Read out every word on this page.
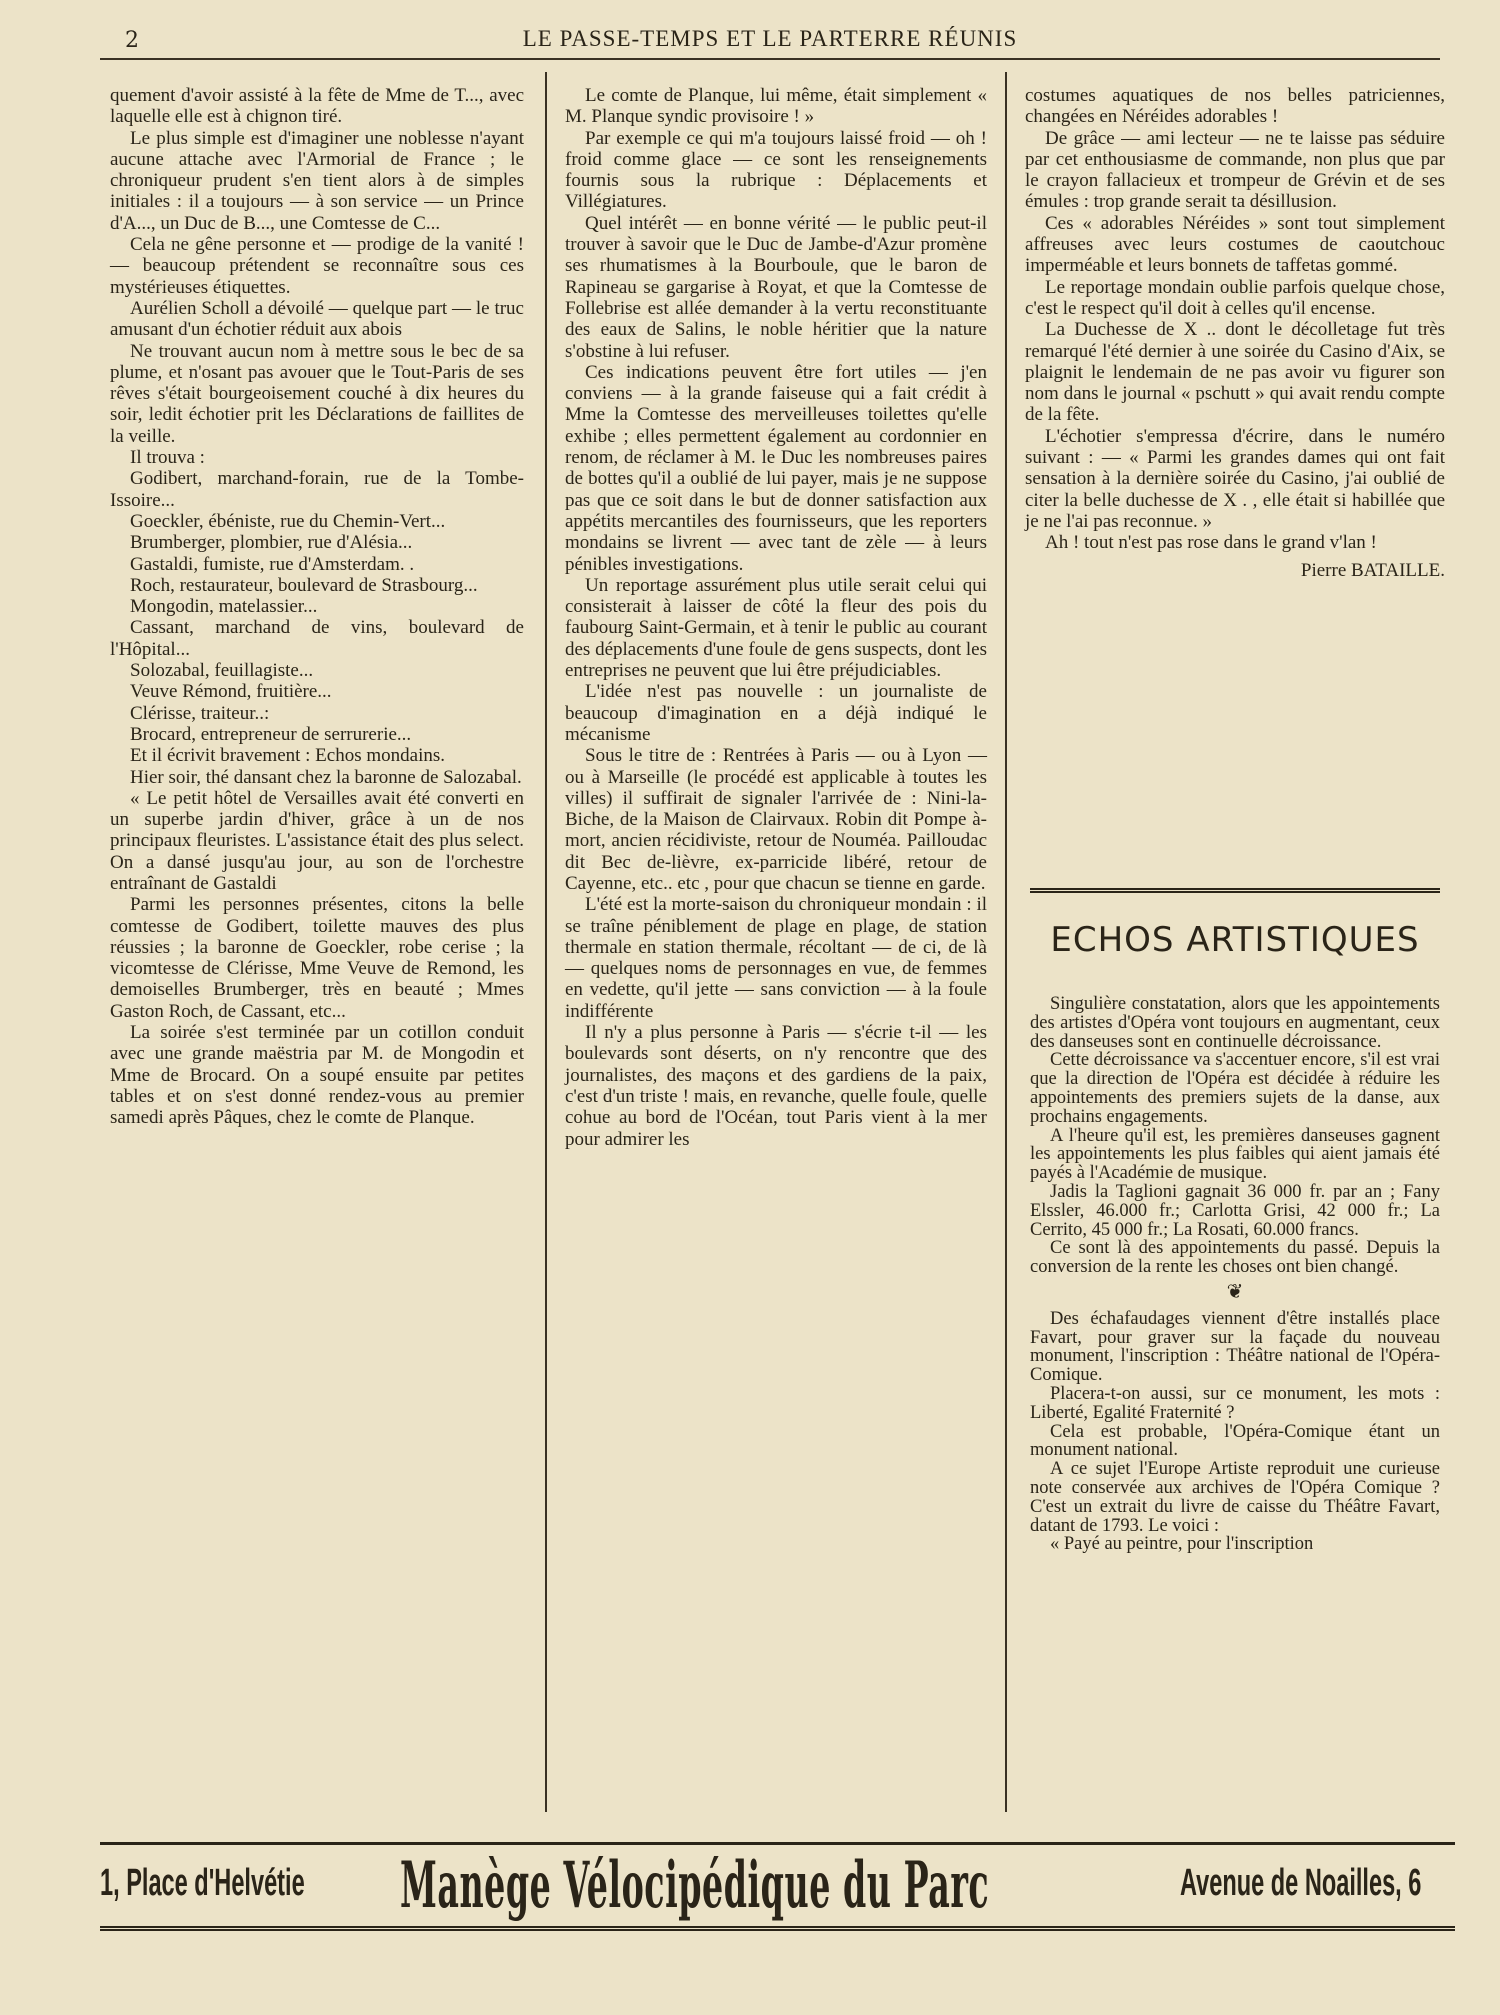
2	LE PASSE-TEMPS ET LE PARTERRE RÉUNIS

quement d'avoir assisté à la fête de Mme de T..., avec laquelle elle est à chignon tiré.

Le plus simple est d'imaginer une noblesse n'ayant aucune attache avec l'Armorial de France ; le chroniqueur prudent s'en tient alors à de simples initiales : il a toujours — à son service — un Prince d'A..., un Duc de B..., une Comtesse de C...

Cela ne gêne personne et — prodige de la vanité ! — beaucoup prétendent se reconnaître sous ces mystérieuses étiquettes.

Aurélien Scholl a dévoilé — quelque part — le truc amusant d'un échotier réduit aux abois

Ne trouvant aucun nom à mettre sous le bec de sa plume, et n'osant pas avouer que le Tout-Paris de ses rêves s'était bourgeoisement couché à dix heures du soir, ledit échotier prit les Déclarations de faillites de la veille.

Il trouva :

Godibert, marchand-forain, rue de la Tombe-Issoire...

Goeckler, ébéniste, rue du Chemin-Vert...

Brumberger, plombier, rue d'Alésia...

Gastaldi, fumiste, rue d'Amsterdam. .

Roch, restaurateur, boulevard de Strasbourg...

Mongodin, matelassier...

Cassant, marchand de vins, boulevard de l'Hôpital...

Solozabal, feuillagiste...

Veuve Rémond, fruitière...

Clérisse, traiteur..:

Brocard, entrepreneur de serrurerie...

Et il écrivit bravement : Echos mondains.

Hier soir, thé dansant chez la baronne de Salozabal.

« Le petit hôtel de Versailles avait été converti en un superbe jardin d'hiver, grâce à un de nos principaux fleuristes. L'assistance était des plus select. On a dansé jusqu'au jour, au son de l'orchestre entraînant de Gastaldi

Parmi les personnes présentes, citons la belle comtesse de Godibert, toilette mauves des plus réussies ; la baronne de Goeckler, robe cerise ; la vicomtesse de Clérisse, Mme Veuve de Remond, les demoiselles Brumberger, très en beauté ; Mmes Gaston Roch, de Cassant, etc...

La soirée s'est terminée par un cotillon conduit avec une grande maëstria par M. de Mongodin et Mme de Brocard. On a soupé ensuite par petites tables et on s'est donné rendez-vous au premier samedi après Pâques, chez le comte de Planque.

Le comte de Planque, lui même, était simplement « M. Planque syndic provisoire ! »

Par exemple ce qui m'a toujours laissé froid — oh ! froid comme glace — ce sont les renseignements fournis sous la rubrique : Déplacements et Villégiatures.

Quel intérêt — en bonne vérité — le public peut-il trouver à savoir que le Duc de Jambe-d'Azur promène ses rhumatismes à la Bourboule, que le baron de Rapineau se gargarise à Royat, et que la Comtesse de Follebrise est allée demander à la vertu reconstituante des eaux de Salins, le noble héritier que la nature s'obstine à lui refuser.

Ces indications peuvent être fort utiles — j'en conviens — à la grande faiseuse qui a fait crédit à Mme la Comtesse des merveilleuses toilettes qu'elle exhibe ; elles permettent également au cordonnier en renom, de réclamer à M. le Duc les nombreuses paires de bottes qu'il a oublié de lui payer, mais je ne suppose pas que ce soit dans le but de donner satisfaction aux appétits mercantiles des fournisseurs, que les reporters mondains se livrent — avec tant de zèle — à leurs pénibles investigations.

Un reportage assurément plus utile serait celui qui consisterait à laisser de côté la fleur des pois du faubourg Saint-Germain, et à tenir le public au courant des déplacements d'une foule de gens suspects, dont les entreprises ne peuvent que lui être préjudiciables.

L'idée n'est pas nouvelle : un journaliste de beaucoup d'imagination en a déjà indiqué le mécanisme

Sous le titre de : Rentrées à Paris — ou à Lyon — ou à Marseille (le procédé est applicable à toutes les villes) il suffirait de signaler l'arrivée de : Nini-la-Biche, de la Maison de Clairvaux. Robin dit Pompe à-mort, ancien récidiviste, retour de Nouméa. Pailloudac dit Bec de-lièvre, ex-parricide libéré, retour de Cayenne, etc.. etc , pour que chacun se tienne en garde.

L'été est la morte-saison du chroniqueur mondain : il se traîne péniblement de plage en plage, de station thermale en station thermale, récoltant — de ci, de là — quelques noms de personnages en vue, de femmes en vedette, qu'il jette — sans conviction — à la foule indifférente

Il n'y a plus personne à Paris — s'écrie t-il — les boulevards sont déserts, on n'y rencontre que des journalistes, des maçons et des gardiens de la paix, c'est d'un triste ! mais, en revanche, quelle foule, quelle cohue au bord de l'Océan, tout Paris vient à la mer pour admirer les

costumes aquatiques de nos belles patriciennes, changées en Néréides adorables !

De grâce — ami lecteur — ne te laisse pas séduire par cet enthousiasme de commande, non plus que par le crayon fallacieux et trompeur de Grévin et de ses émules : trop grande serait ta désillusion.

Ces « adorables Néréides » sont tout simplement affreuses avec leurs costumes de caoutchouc imperméable et leurs bonnets de taffetas gommé.

Le reportage mondain oublie parfois quelque chose, c'est le respect qu'il doit à celles qu'il encense.

La Duchesse de X .. dont le décolletage fut très remarqué l'été dernier à une soirée du Casino d'Aix, se plaignit le lendemain de ne pas avoir vu figurer son nom dans le journal « pschutt » qui avait rendu compte de la fête.

L'échotier s'empressa d'écrire, dans le numéro suivant : — « Parmi les grandes dames qui ont fait sensation à la dernière soirée du Casino, j'ai oublié de citer la belle duchesse de X . , elle était si habillée que je ne l'ai pas reconnue. »

Ah ! tout n'est pas rose dans le grand v'lan !

Pierre BATAILLE.

ECHOS ARTISTIQUES

Singulière constatation, alors que les appointements des artistes d'Opéra vont toujours en augmentant, ceux des danseuses sont en continuelle décroissance.

Cette décroissance va s'accentuer encore, s'il est vrai que la direction de l'Opéra est décidée à réduire les appointements des premiers sujets de la danse, aux prochains engagements.

A l'heure qu'il est, les premières danseuses gagnent les appointements les plus faibles qui aient jamais été payés à l'Académie de musique.

Jadis la Taglioni gagnait 36 000 fr. par an ; Fany Elssler, 46.000 fr.; Carlotta Grisi, 42 000 fr.; La Cerrito, 45 000 fr.; La Rosati, 60.000 francs.

Ce sont là des appointements du passé. Depuis la conversion de la rente les choses ont bien changé.

❦

Des échafaudages viennent d'être installés place Favart, pour graver sur la façade du nouveau monument, l'inscription : Théâtre national de l'Opéra-Comique.

Placera-t-on aussi, sur ce monument, les mots : Liberté, Egalité Fraternité ?

Cela est probable, l'Opéra-Comique étant un monument national.

A ce sujet l'Europe Artiste reproduit une curieuse note conservée aux archives de l'Opéra Comique ? C'est un extrait du livre de caisse du Théâtre Favart, datant de 1793. Le voici :

« Payé au peintre, pour l'inscription

1, Place d'Helvétie Manège Vélocipédique du Parc	Avenue de Noailles, 6
